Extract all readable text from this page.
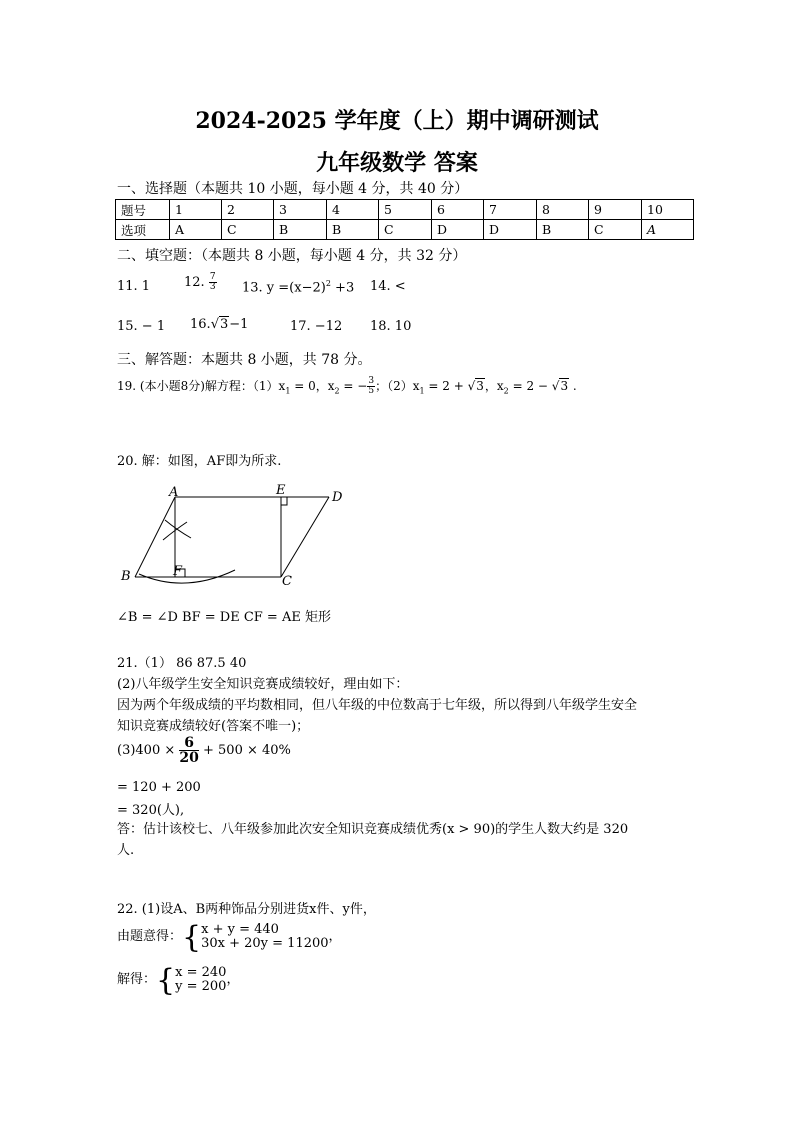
2024-2025 学年度（上）期中调研测试
九年级数学 答案
一、选择题（本题共 10 小题，每小题 4 分，共 40 分）
题号	1	2	3	4	5	6	7	8	9	10
选项	A	C	B	B	C	D	D	B	C	A
二、填空题：（本题共 8 小题，每小题 4 分，共 32 分）
11. 1	12. $\frac{7}{3} 13$. $y =(x-2)^2 +3$ 14. <
15. − 1 16.√3−1	17. −12 18. 10
三、解答题：本题共 8 小题，共 78 分。
19. (本小题8分)解方程：$(1)x_1 = 0$，$x_2$ = − $\frac{3}{5}$ ；$(2)x_1 = 2 + √3$，$x_2 = 2 - √3$ .
20. 解：如图，AF即为所求.
A
B	C
D
E
F
∠B = ∠D BF = DE CF = AE 矩形
21.（1） 86 87.5 40
(2)八年级学生安全知识竞赛成绩较好，理由如下：
因为两个年级成绩的平均数相同，但八年级的中位数高于七年级，所以得到八年级学生安全
知识竞赛成绩较好(答案不唯一)；
$(3)400 \times \frac{6}{20} + 500 \times 40\%$
= 120 + 200
= 320(人),
答：估计该校七、八年级参加此次安全知识竞赛成绩优秀(x > 90)的学生人数大约是 320
人.
22. (1)设A、B两种饰品分别进货x件、y件，
由题意得：{ x + y = 440
30x + 20y = 11200 ，
解得：{ x = 240
y = 200 ，
